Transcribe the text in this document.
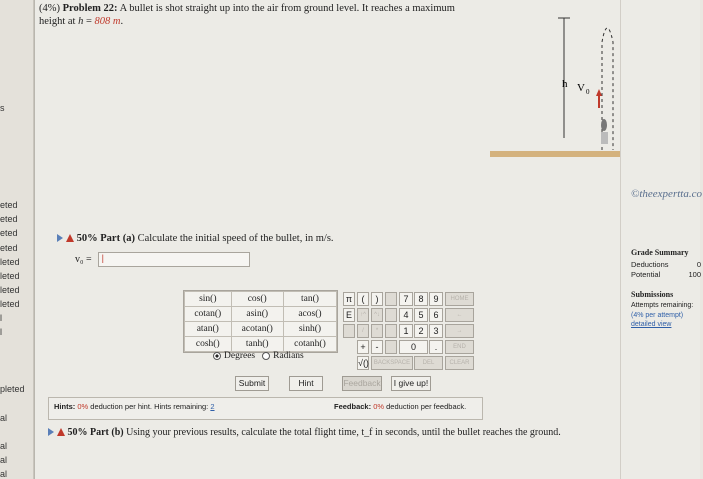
s
eted
eted
eted
eted
leted
leted
leted
leted
l
l
pleted
al
al
al
al
(4%) Problem 22: A bullet is shot straight up into the air from ground level. It reaches a maximum height at h = 808 m.
h V 0
50% Part (a) Calculate the initial speed of the bullet, in m/s.
v₀ =	|
sin()	cos()	tan()
cotan()	asin()	acos()
atan()	acotan()	sinh()
cosh()	tanh()	cotanh()
Degrees Radians
π	(	)	7	8	9	HOME
E	↑^	^↓	4	5	6	←
/	*	1	2	3	→
+	-	0	.	END
√() BACKSPACE	DEL	CLEAR
Submit	Hint	Feedback	I give up!
Hints: 0% deduction per hint. Hints remaining: 2	Feedback: 0% deduction per feedback.
50% Part (b) Using your previous results, calculate the total flight time, t_f in seconds, until the bullet reaches the ground.
©theexpertta.co
Grade Summary
Deductions	0
Potential	100
Submissions
Attempts remaining:
(4% per attempt)
detailed view
